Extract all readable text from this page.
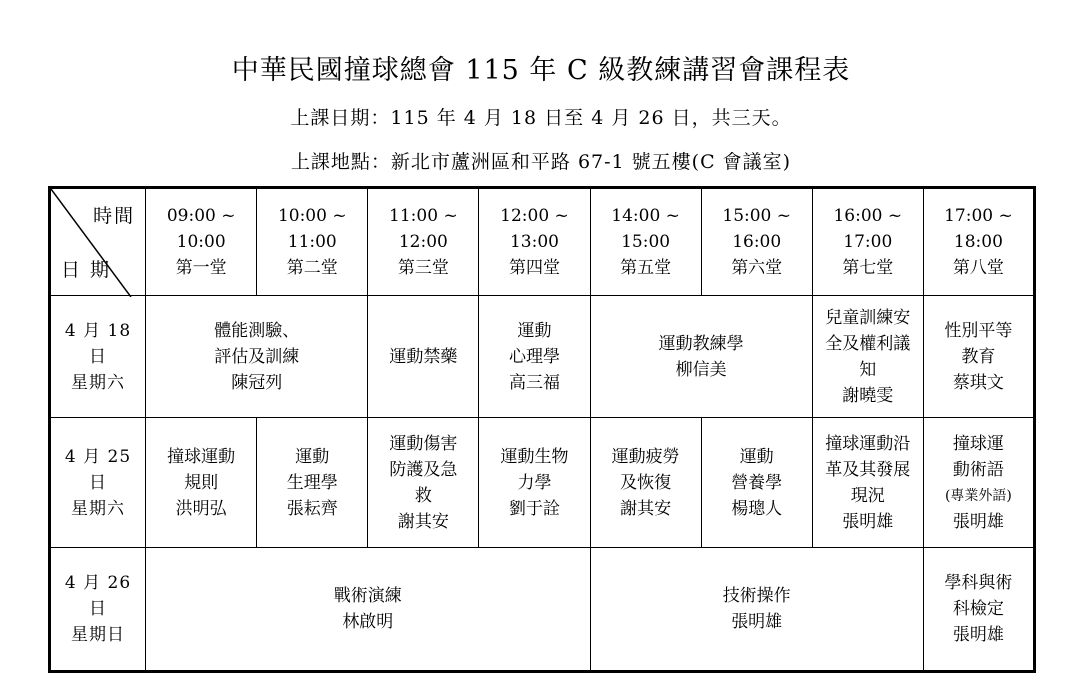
中華民國撞球總會 115 年 C 級教練講習會課程表
上課日期：115 年 4 月 18 日至 4 月 26 日，共三天。
上課地點：新北市蘆洲區和平路 67-1 號五樓(C 會議室)
時間
日 期	09:00 ~
10:00
第一堂	10:00 ~
11:00
第二堂	11:00 ~
12:00
第三堂	12:00 ~
13:00
第四堂	14:00 ~
15:00
第五堂	15:00 ~
16:00
第六堂	16:00 ~
17:00
第七堂	17:00 ~
18:00
第八堂

4 月 18 日
星期六	體能測驗、
評估及訓練
陳冠列		運動禁藥	運動
心理學
高三福	運動教練學
柳信美		兒童訓練安
全及權利議
知
謝曉雯	性別平等
教育
蔡琪文

4 月 25 日
星期六	撞球運動
規則
洪明弘	運動
生理學
張耘齊	運動傷害
防護及急
救
謝其安	運動生物
力學
劉于詮	運動疲勞
及恢復
謝其安	運動
營養學
楊璁人	撞球運動沿
革及其發展
現況
張明雄	撞球運
動術語
(專業外語)
張明雄

4 月 26 日
星期日	戰術演練
林啟明				技術操作
張明雄			學科與術
科檢定
張明雄
